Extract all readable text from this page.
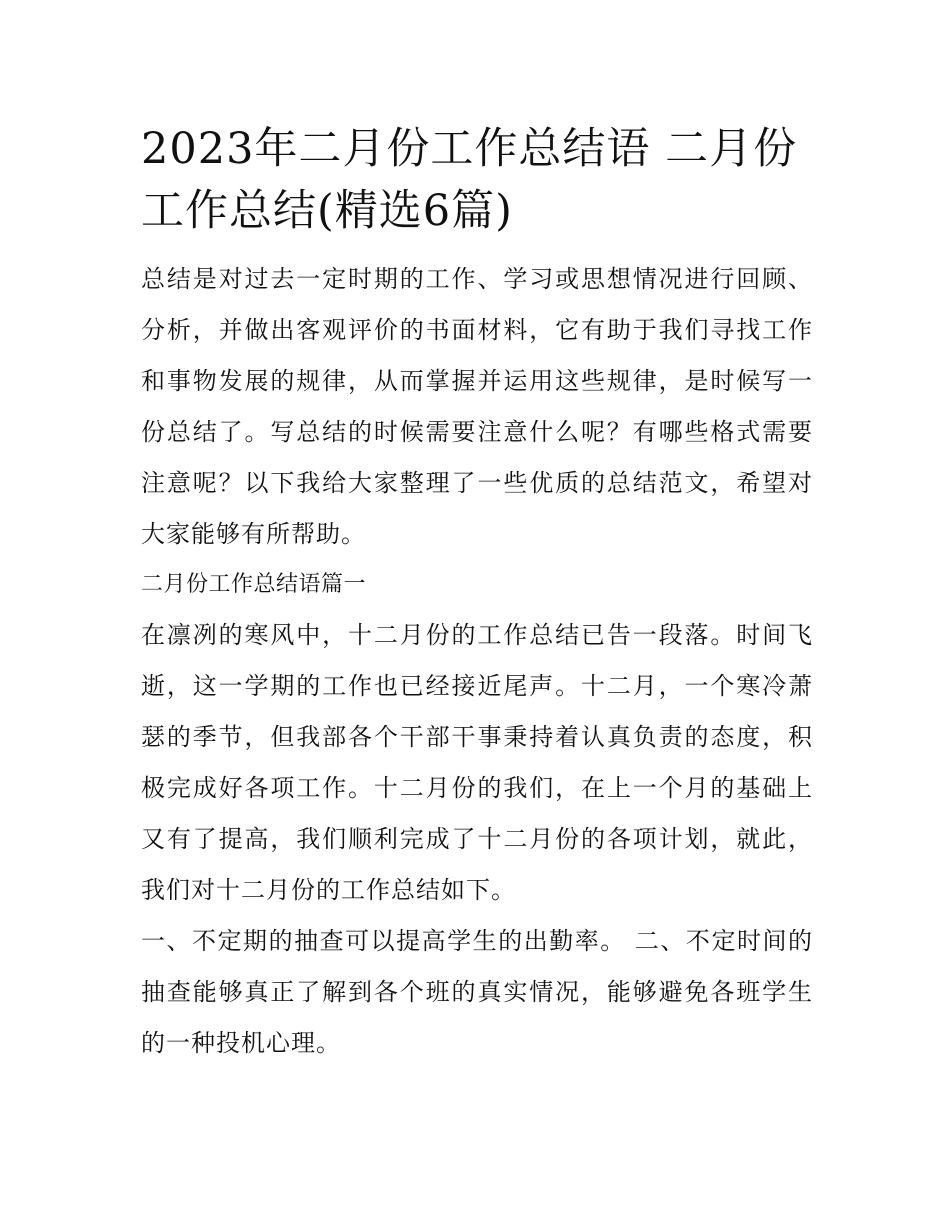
2023年二月份工作总结语 二月份工作总结(精选6篇)

总结是对过去一定时期的工作、学习或思想情况进行回顾、分析，并做出客观评价的书面材料，它有助于我们寻找工作和事物发展的规律，从而掌握并运用这些规律，是时候写一份总结了。写总结的时候需要注意什么呢？有哪些格式需要注意呢？以下我给大家整理了一些优质的总结范文，希望对大家能够有所帮助。

二月份工作总结语篇一

在凛冽的寒风中，十二月份的工作总结已告一段落。时间飞逝，这一学期的工作也已经接近尾声。十二月，一个寒冷萧瑟的季节，但我部各个干部干事秉持着认真负责的态度，积极完成好各项工作。十二月份的我们，在上一个月的基础上又有了提高，我们顺利完成了十二月份的各项计划，就此，我们对十二月份的工作总结如下。

一、不定期的抽查可以提高学生的出勤率。 二、不定时间的抽查能够真正了解到各个班的真实情况，能够避免各班学生的一种投机心理。
